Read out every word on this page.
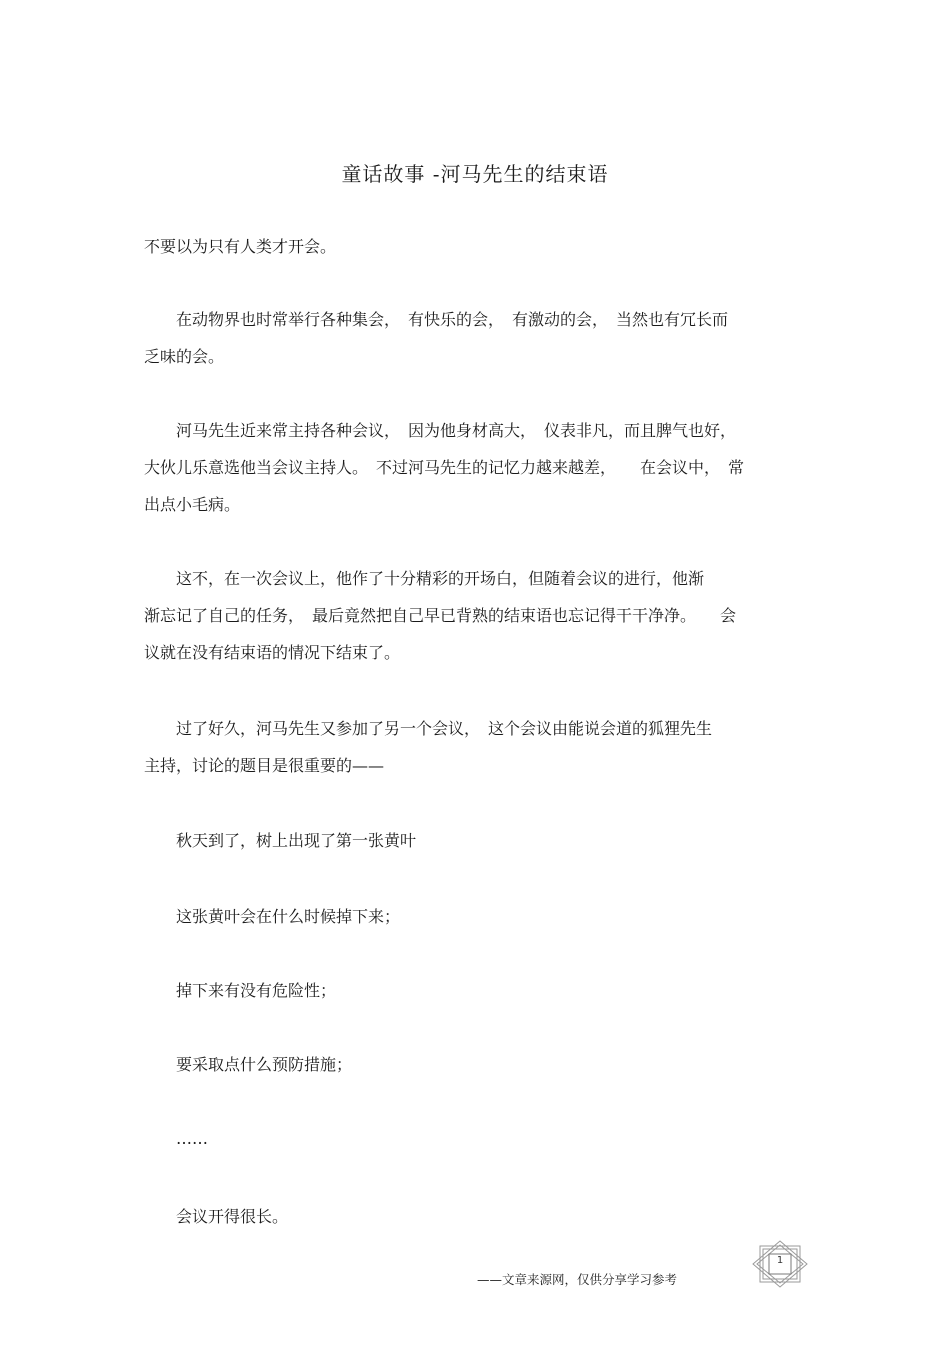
童话故事 -河马先生的结束语
不要以为只有人类才开会。
　　在动物界也时常举行各种集会，　有快乐的会，　有激动的会，　当然也有冗长而
乏味的会。
　　河马先生近来常主持各种会议，　因为他身材高大，　仪表非凡，而且脾气也好，
大伙儿乐意选他当会议主持人。　不过河马先生的记忆力越来越差，　　在会议中，　常
出点小毛病。
　　这不，在一次会议上，他作了十分精彩的开场白，但随着会议的进行，他渐
渐忘记了自己的任务，　最后竟然把自己早已背熟的结束语也忘记得干干净净。　　会
议就在没有结束语的情况下结束了。
　　过了好久，河马先生又参加了另一个会议，　这个会议由能说会道的狐狸先生
主持，讨论的题目是很重要的——
　　秋天到了，树上出现了第一张黄叶
　　这张黄叶会在什么时候掉下来；
　　掉下来有没有危险性；
　　要采取点什么预防措施；
　　……
　　会议开得很长。
——文章来源网，仅供分享学习参考
1
